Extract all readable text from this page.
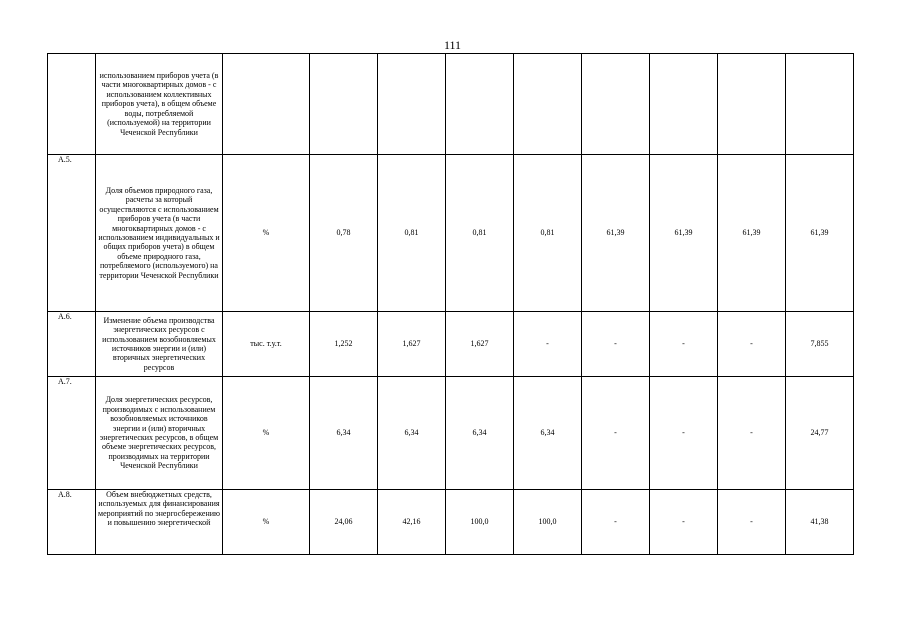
111
	использованием приборов учета (в части многоквартирных домов - с использованием коллективных приборов учета), в общем объеме воды, потребляемой (используемой) на территории Чеченской Республики									
А.5.	Доля объемов природного газа, расчеты за который осуществляются с использованием приборов учета (в части многоквартирных домов - с использованием индивидуальных и общих приборов учета) в общем объеме природного газа, потребляемого (используемого) на территории Чеченской Республики	%	0,78	0,81	0,81	0,81	61,39	61,39	61,39	61,39
А.6.	Изменение объема производства энергетических ресурсов с использованием возобновляемых источников энергии и (или) вторичных энергетических ресурсов	тыс. т.у.т.	1,252	1,627	1,627	-	-	-	-	7,855
А.7.	Доля энергетических ресурсов, производимых с использованием возобновляемых источников энергии и (или) вторичных энергетических ресурсов, в общем объеме энергетических ресурсов, производимых на территории Чеченской Республики	%	6,34	6,34	6,34	6,34	-	-	-	24,77
А.8.	Объем внебюджетных средств, используемых для финансирования мероприятий по энергосбережению и повышению энергетической	%	24,06	42,16	100,0	100,0	-	-	-	41,38
